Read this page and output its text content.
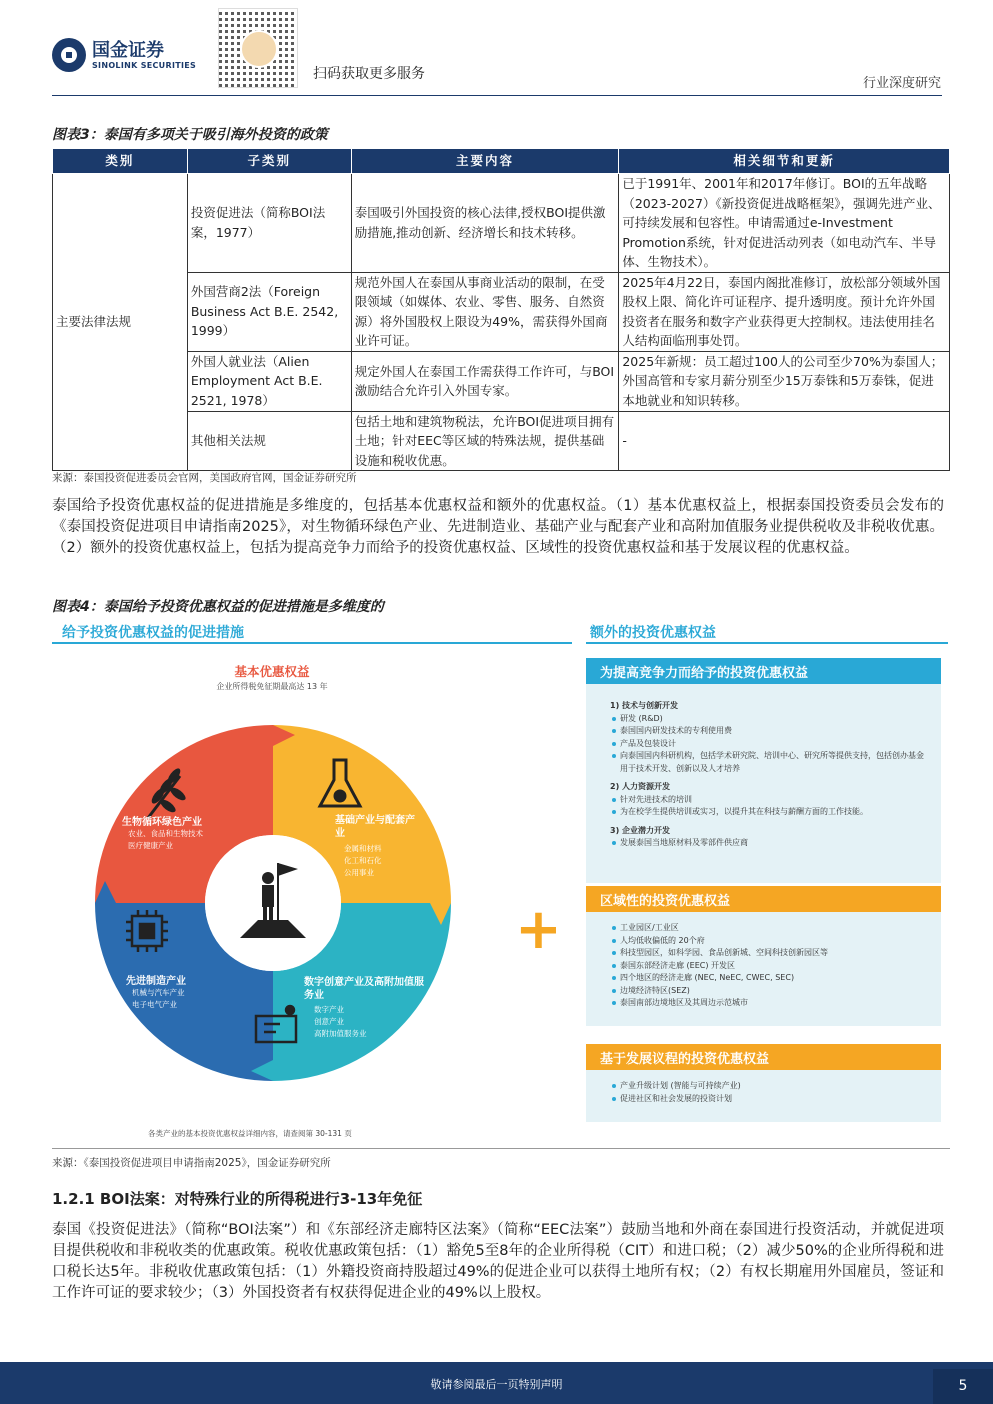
国金证券
SINOLINK SECURITIES
扫码获取更多服务
行业深度研究
图表3：泰国有多项关于吸引海外投资的政策
类别	子类别	主要内容	相关细节和更新
主要法律法规	投资促进法（简称BOI法案，1977）	泰国吸引外国投资的核心法律,授权BOI提供激励措施,推动创新、经济增长和技术转移。	已于1991年、2001年和2017年修订。BOI的五年战略（2023-2027）《新投资促进战略框架》，强调先进产业、可持续发展和包容性。申请需通过e-Investment Promotion系统，针对促进活动列表（如电动汽车、半导体、生物技术）。
	外国营商2法（Foreign Business Act B.E. 2542, 1999）	规范外国人在泰国从事商业活动的限制，在受限领域（如媒体、农业、零售、服务、自然资源）将外国股权上限设为49%，需获得外国商业许可证。	2025年4月22日，泰国内阁批准修订，放松部分领域外国股权上限、简化许可证程序、提升透明度。预计允许外国投资者在服务和数字产业获得更大控制权。违法使用挂名人结构面临刑事处罚。
	外国人就业法（Alien Employment Act B.E. 2521, 1978）	规定外国人在泰国工作需获得工作许可，与BOI激励结合允许引入外国专家。	2025年新规：员工超过100人的公司至少70%为泰国人；外国高管和专家月薪分别至少15万泰铢和5万泰铢，促进本地就业和知识转移。
	其他相关法规	包括土地和建筑物税法，允许BOI促进项目拥有土地；针对EEC等区域的特殊法规，提供基础设施和税收优惠。	-
来源：泰国投资促进委员会官网，美国政府官网，国金证券研究所
泰国给予投资优惠权益的促进措施是多维度的，包括基本优惠权益和额外的优惠权益。（1）基本优惠权益上，根据泰国投资委员会发布的《泰国投资促进项目申请指南2025》，对生物循环绿色产业、先进制造业、基础产业与配套产业和高附加值服务业提供税收及非税收优惠。（2）额外的投资优惠权益上，包括为提高竞争力而给予的投资优惠权益、区域性的投资优惠权益和基于发展议程的优惠权益。
图表4：泰国给予投资优惠权益的促进措施是多维度的
给予投资优惠权益的促进措施	额外的投资优惠权益
基本优惠权益
企业所得税免征期最高达 13 年
生物循环绿色产业
农业、食品和生物技术
医疗健康产业
基础产业与配套产业
金属和材料
化工和石化
公用事业
先进制造产业
机械与汽车产业
电子电气产业
数字创意产业及高附加值服务业
数字产业
创意产业
高附加值服务业
+
各类产业的基本投资优惠权益详细内容，请查阅第 30-131 页
为提高竞争力而给予的投资优惠权益
1) 技术与创新开发
研发 (R&D)
泰国国内研发技术的专利使用费
产品及包装设计
向泰国国内科研机构，包括学术研究院、培训中心、研究所等提供支持，包括创办基金用于技术开发、创新以及人才培养
2) 人力资源开发
针对先进技术的培训
为在校学生提供培训或实习，以提升其在科技与薪酬方面的工作技能。
3) 企业潜力开发
发展泰国当地原材料及零部件供应商
区域性的投资优惠权益
工业园区/工业区
人均低收偏低的 20个府
科技型园区，如科学园、食品创新城、空间科技创新园区等
泰国东部经济走廊 (EEC) 开发区
四个地区的经济走廊 (NEC, NeEC, CWEC, SEC)
边境经济特区(SEZ)
泰国南部边境地区及其周边示范城市
基于发展议程的投资优惠权益
产业升级计划 (智能与可持续产业)
促进社区和社会发展的投资计划
来源：《泰国投资促进项目申请指南2025》，国金证券研究所
1.2.1 BOI法案：对特殊行业的所得税进行3-13年免征
泰国《投资促进法》（简称“BOI法案”）和《东部经济走廊特区法案》（简称“EEC法案”）鼓励当地和外商在泰国进行投资活动，并就促进项目提供税收和非税收类的优惠政策。税收优惠政策包括：（1）豁免5至8年的企业所得税（CIT）和进口税；（2）减少50%的企业所得税和进口税长达5年。非税收优惠政策包括：（1）外籍投资商持股超过49%的促进企业可以获得土地所有权；（2）有权长期雇用外国雇员，签证和工作许可证的要求较少；（3）外国投资者有权获得促进企业的49%以上股权。
敬请参阅最后一页特别声明	5
